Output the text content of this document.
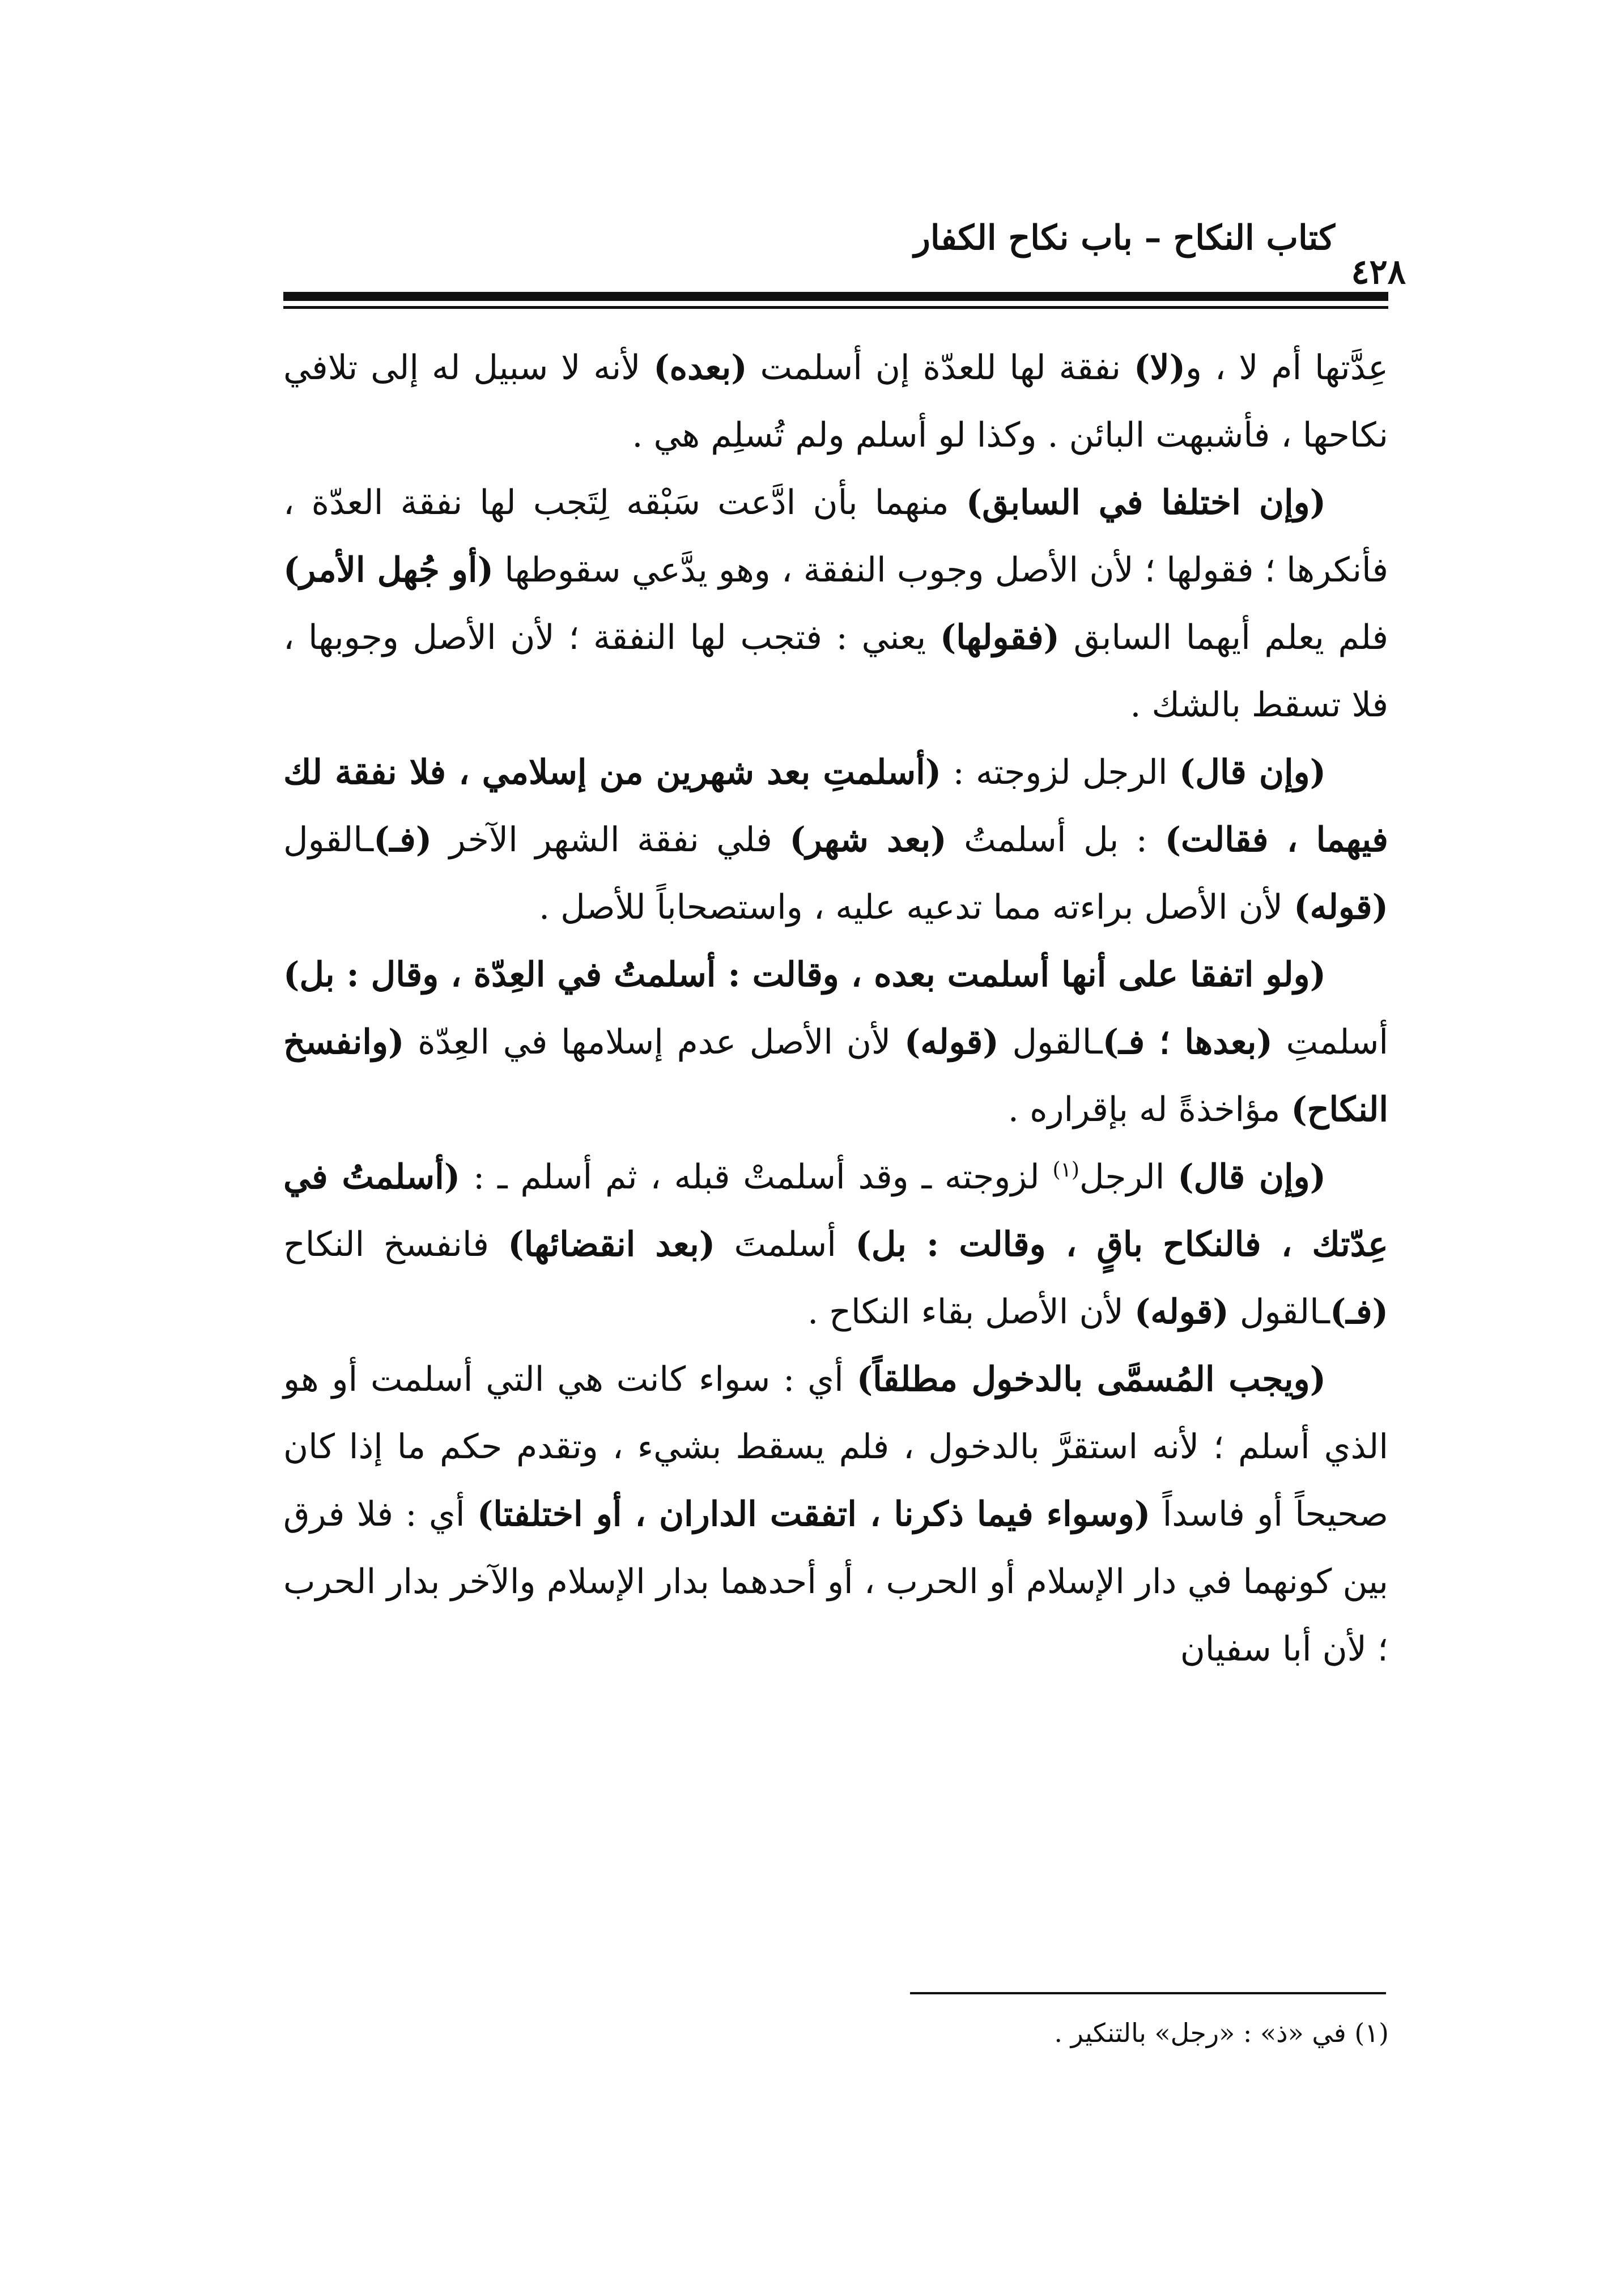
كتاب النكاح – باب نكاح الكفار
٤٢٨

عِدَّتها أم لا ، و(لا) نفقة لها للعدّة إن أسلمت (بعده) لأنه لا سبيل له إلى تلافي نكاحها ، فأشبهت البائن . وكذا لو أسلم ولم تُسلِم هي .

(وإن اختلفا في السابق) منهما بأن ادَّعت سَبْقه لِتَجب لها نفقة العدّة ، فأنكرها ؛ فقولها ؛ لأن الأصل وجوب النفقة ، وهو يدَّعي سقوطها (أو جُهل الأمر) فلم يعلم أيهما السابق (فقولها) يعني : فتجب لها النفقة ؛ لأن الأصل وجوبها ، فلا تسقط بالشك .

(وإن قال) الرجل لزوجته : (أسلمتِ بعد شهرين من إسلامي ، فلا نفقة لك فيهما ، فقالت) : بل أسلمتُ (بعد شهر) فلي نفقة الشهر الآخر (فـ)ـالقول (قوله) لأن الأصل براءته مما تدعيه عليه ، واستصحاباً للأصل .

(ولو اتفقا على أنها أسلمت بعده ، وقالت : أسلمتُ في العِدّة ، وقال : بل) أسلمتِ (بعدها ؛ فـ)ـالقول (قوله) لأن الأصل عدم إسلامها في العِدّة (وانفسخ النكاح) مؤاخذةً له بإقراره .

(وإن قال) الرجل$^{(١)}$ لزوجته ـ وقد أسلمتْ قبله ، ثم أسلم ـ : (أسلمتُ في عِدّتك ، فالنكاح باقٍ ، وقالت : بل) أسلمتَ (بعد انقضائها) فانفسخ النكاح (فـ)ـالقول (قوله) لأن الأصل بقاء النكاح .

(ويجب المُسمَّى بالدخول مطلقاً) أي : سواء كانت هي التي أسلمت أو هو الذي أسلم ؛ لأنه استقرَّ بالدخول ، فلم يسقط بشيء ، وتقدم حكم ما إذا كان صحيحاً أو فاسداً (وسواء فيما ذكرنا ، اتفقت الداران ، أو اختلفتا) أي : فلا فرق بين كونهما في دار الإسلام أو الحرب ، أو أحدهما بدار الإسلام والآخر بدار الحرب ؛ لأن أبا سفيان

(١) في «ذ» : «رجل» بالتنكير .
